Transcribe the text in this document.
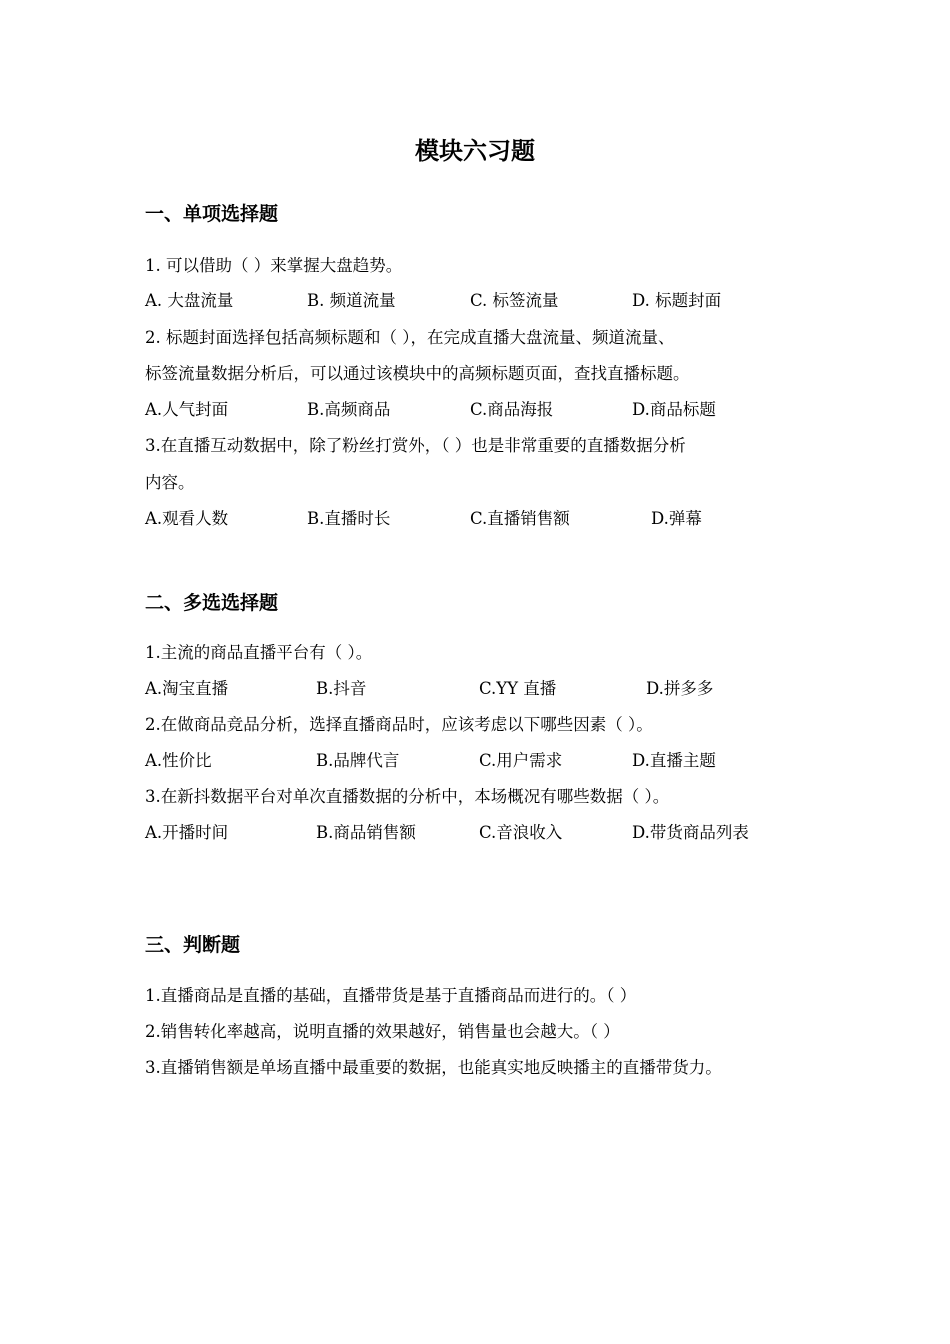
模块六习题
一、单项选择题
1. 可以借助（ ）来掌握大盘趋势。
A. 大盘流量	B. 频道流量	C. 标签流量	D. 标题封面
2. 标题封面选择包括高频标题和（ ），在完成直播大盘流量、频道流量、
标签流量数据分析后，可以通过该模块中的高频标题页面，查找直播标题。
A.人气封面	B.高频商品	C.商品海报	D.商品标题
3.在直播互动数据中，除了粉丝打赏外，（ ）也是非常重要的直播数据分析
内容。
A.观看人数	B.直播时长	C.直播销售额	D.弹幕
二、多选选择题
1.主流的商品直播平台有（ ）。
A.淘宝直播	B.抖音	C.YY 直播	D.拼多多
2.在做商品竞品分析，选择直播商品时，应该考虑以下哪些因素（ ）。
A.性价比	B.品牌代言	C.用户需求	D.直播主题
3.在新抖数据平台对单次直播数据的分析中，本场概况有哪些数据（ ）。
A.开播时间	B.商品销售额	C.音浪收入	D.带货商品列表
三、判断题
1.直播商品是直播的基础，直播带货是基于直播商品而进行的。（ ）
2.销售转化率越高，说明直播的效果越好，销售量也会越大。（ ）
3.直播销售额是单场直播中最重要的数据，也能真实地反映播主的直播带货力。
